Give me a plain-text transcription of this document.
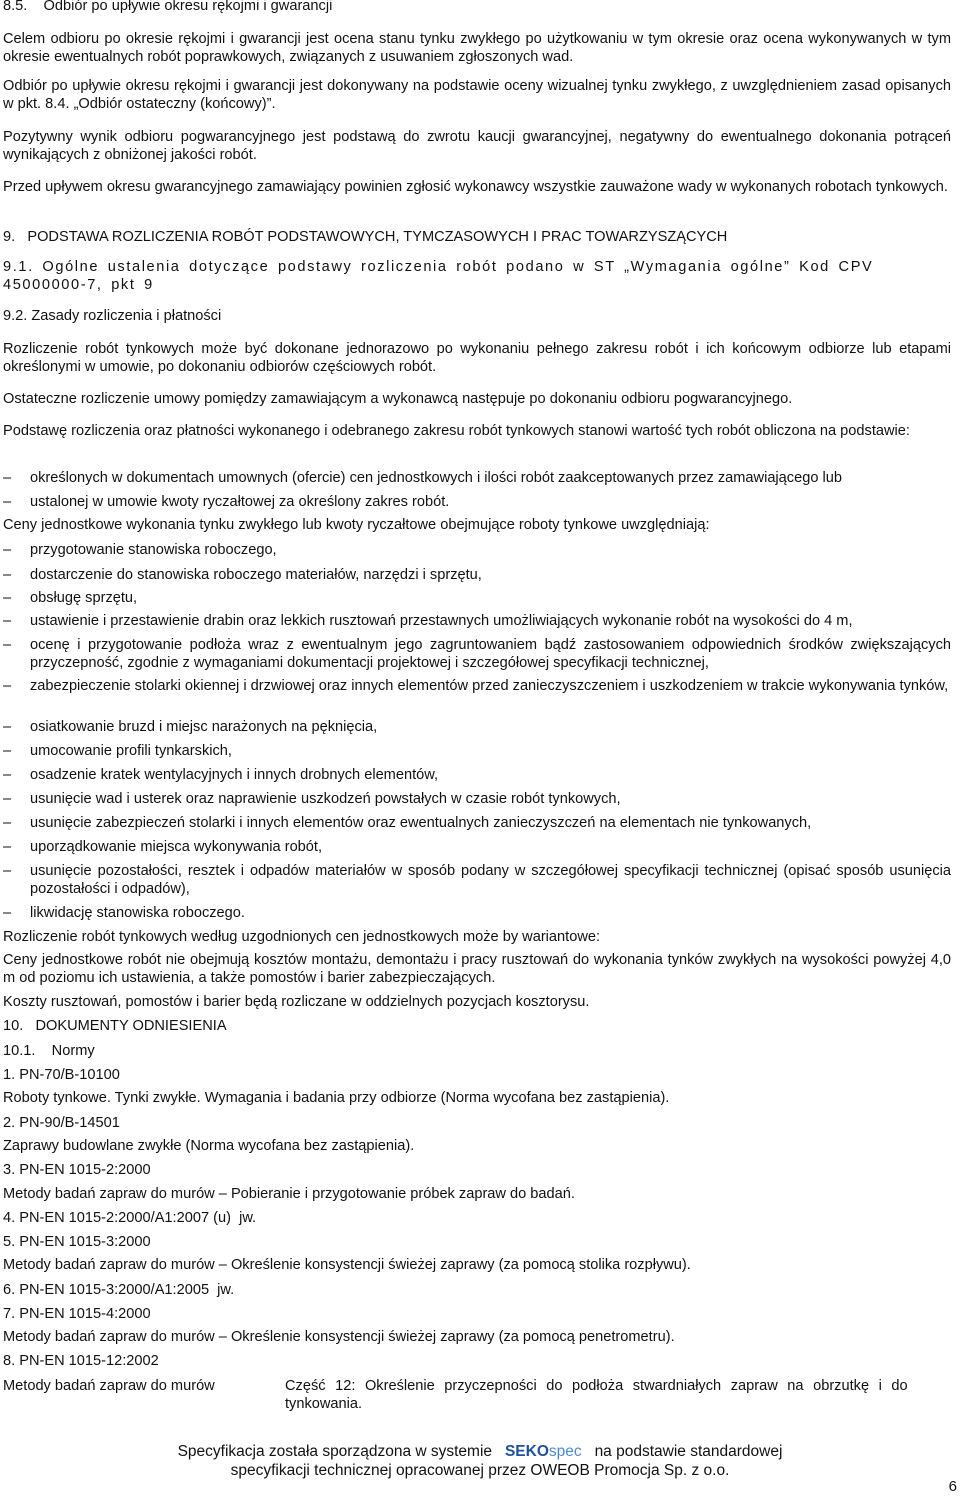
8.5.    Odbiór po upływie okresu rękojmi i gwarancji
Celem odbioru po okresie rękojmi i gwarancji jest ocena stanu tynku zwykłego po użytkowaniu w tym okresie oraz ocena wykonywanych w tym okresie ewentualnych robót poprawkowych, związanych z usuwaniem zgłoszonych wad.
Odbiór po upływie okresu rękojmi i gwarancji jest dokonywany na podstawie oceny wizualnej tynku zwykłego, z uwzględnieniem zasad opisanych w pkt. 8.4. „Odbiór ostateczny (końcowy)”.
Pozytywny wynik odbioru pogwarancyjnego jest podstawą do zwrotu kaucji gwarancyjnej, negatywny do ewentualnego dokonania potrąceń wynikających z obniżonej jakości robót.
Przed upływem okresu gwarancyjnego zamawiający powinien zgłosić wykonawcy wszystkie zauważone wady w wykonanych robotach tynkowych.
9.   PODSTAWA ROZLICZENIA ROBÓT PODSTAWOWYCH, TYMCZASOWYCH I PRAC TOWARZYSZĄCYCH
9.1. Ogólne ustalenia dotyczące podstawy rozliczenia robót podano w ST „Wymagania ogólne” Kod CPV 45000000-7, pkt 9
9.2. Zasady rozliczenia i płatności
Rozliczenie robót tynkowych może być dokonane jednorazowo po wykonaniu pełnego zakresu robót i ich końcowym odbiorze lub etapami określonymi w umowie, po dokonaniu odbiorów częściowych robót.
Ostateczne rozliczenie umowy pomiędzy zamawiającym a wykonawcą następuje po dokonaniu odbioru pogwarancyjnego.
Podstawę rozliczenia oraz płatności wykonanego i odebranego zakresu robót tynkowych stanowi wartość tych robót obliczona na podstawie:
– określonych w dokumentach umownych (ofercie) cen jednostkowych i ilości robót zaakceptowanych przez zamawiającego lub
– ustalonej w umowie kwoty ryczałtowej za określony zakres robót.
Ceny jednostkowe wykonania tynku zwykłego lub kwoty ryczałtowe obejmujące roboty tynkowe uwzględniają:
– przygotowanie stanowiska roboczego,
– dostarczenie do stanowiska roboczego materiałów, narzędzi i sprzętu,
– obsługę sprzętu,
– ustawienie i przestawienie drabin oraz lekkich rusztowań przestawnych umożliwiających wykonanie robót na wysokości do 4 m,
– ocenę i przygotowanie podłoża wraz z ewentualnym jego zagruntowaniem bądź zastosowaniem odpowiednich środków zwiększających przyczepność, zgodnie z wymaganiami dokumentacji projektowej i szczegółowej specyfikacji technicznej,
– zabezpieczenie stolarki okiennej i drzwiowej oraz innych elementów przed zanieczyszczeniem i uszkodzeniem w trakcie wykonywania tynków,
– osiatkowanie bruzd i miejsc narażonych na pęknięcia,
– umocowanie profili tynkarskich,
– osadzenie kratek wentylacyjnych i innych drobnych elementów,
– usunięcie wad i usterek oraz naprawienie uszkodzeń powstałych w czasie robót tynkowych,
– usunięcie zabezpieczeń stolarki i innych elementów oraz ewentualnych zanieczyszczeń na elementach nie tynkowanych,
– uporządkowanie miejsca wykonywania robót,
– usunięcie pozostałości, resztek i odpadów materiałów w sposób podany w szczegółowej specyfikacji technicznej (opisać sposób usunięcia pozostałości i odpadów),
– likwidację stanowiska roboczego.
Rozliczenie robót tynkowych według uzgodnionych cen jednostkowych może by wariantowe:
Ceny jednostkowe robót nie obejmują kosztów montażu, demontażu i pracy rusztowań do wykonania tynków zwykłych na wysokości powyżej 4,0 m od poziomu ich ustawienia, a także pomostów i barier zabezpieczających.
Koszty rusztowań, pomostów i barier będą rozliczane w oddzielnych pozycjach kosztorysu.
10.   DOKUMENTY ODNIESIENIA
10.1.    Normy
1. PN-70/B-10100
Roboty tynkowe. Tynki zwykłe. Wymagania i badania przy odbiorze (Norma wycofana bez zastąpienia).
2. PN-90/B-14501
Zaprawy budowlane zwykłe (Norma wycofana bez zastąpienia).
3. PN-EN 1015-2:2000
Metody badań zapraw do murów – Pobieranie i przygotowanie próbek zapraw do badań.
4. PN-EN 1015-2:2000/A1:2007 (u)  jw.
5. PN-EN 1015-3:2000
Metody badań zapraw do murów – Określenie konsystencji świeżej zaprawy (za pomocą stolika rozpływu).
6. PN-EN 1015-3:2000/A1:2005  jw.
7. PN-EN 1015-4:2000
Metody badań zapraw do murów – Określenie konsystencji świeżej zaprawy (za pomocą penetrometru).
8. PN-EN 1015-12:2002
Metody badań zapraw do murów	Część 12: Określenie przyczepności do podłoża stwardniałych zapraw na obrzutkę i do tynkowania.
Specyfikacja została sporządzona w systemie SEKOspec na podstawie standardowej
specyfikacji technicznej opracowanej przez OWEOB Promocja Sp. z o.o.
6
